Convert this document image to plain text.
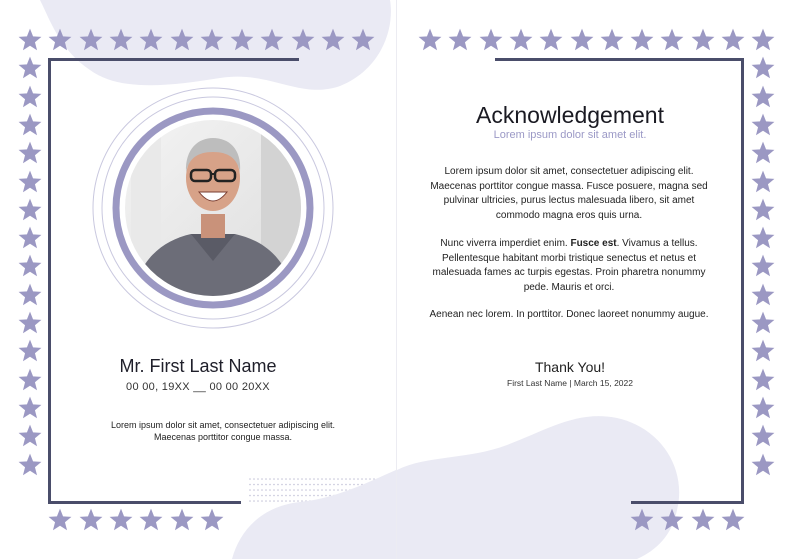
Mr. First Last Name
00 00, 19XX __ 00 00 20XX
Lorem ipsum dolor sit amet, consectetuer adipiscing elit. Maecenas porttitor congue massa.
Acknowledgement
Lorem ipsum dolor sit amet elit.
Lorem ipsum dolor sit amet, consectetuer adipiscing elit. Maecenas porttitor congue massa. Fusce posuere, magna sed pulvinar ultricies, purus lectus malesuada libero, sit amet commodo magna eros quis urna.
Nunc viverra imperdiet enim. Fusce est. Vivamus a tellus. Pellentesque habitant morbi tristique senectus et netus et malesuada fames ac turpis egestas. Proin pharetra nonummy pede. Mauris et orci.
Aenean nec lorem. In porttitor. Donec laoreet nonummy augue.
Thank You!
First Last Name | March 15, 2022
